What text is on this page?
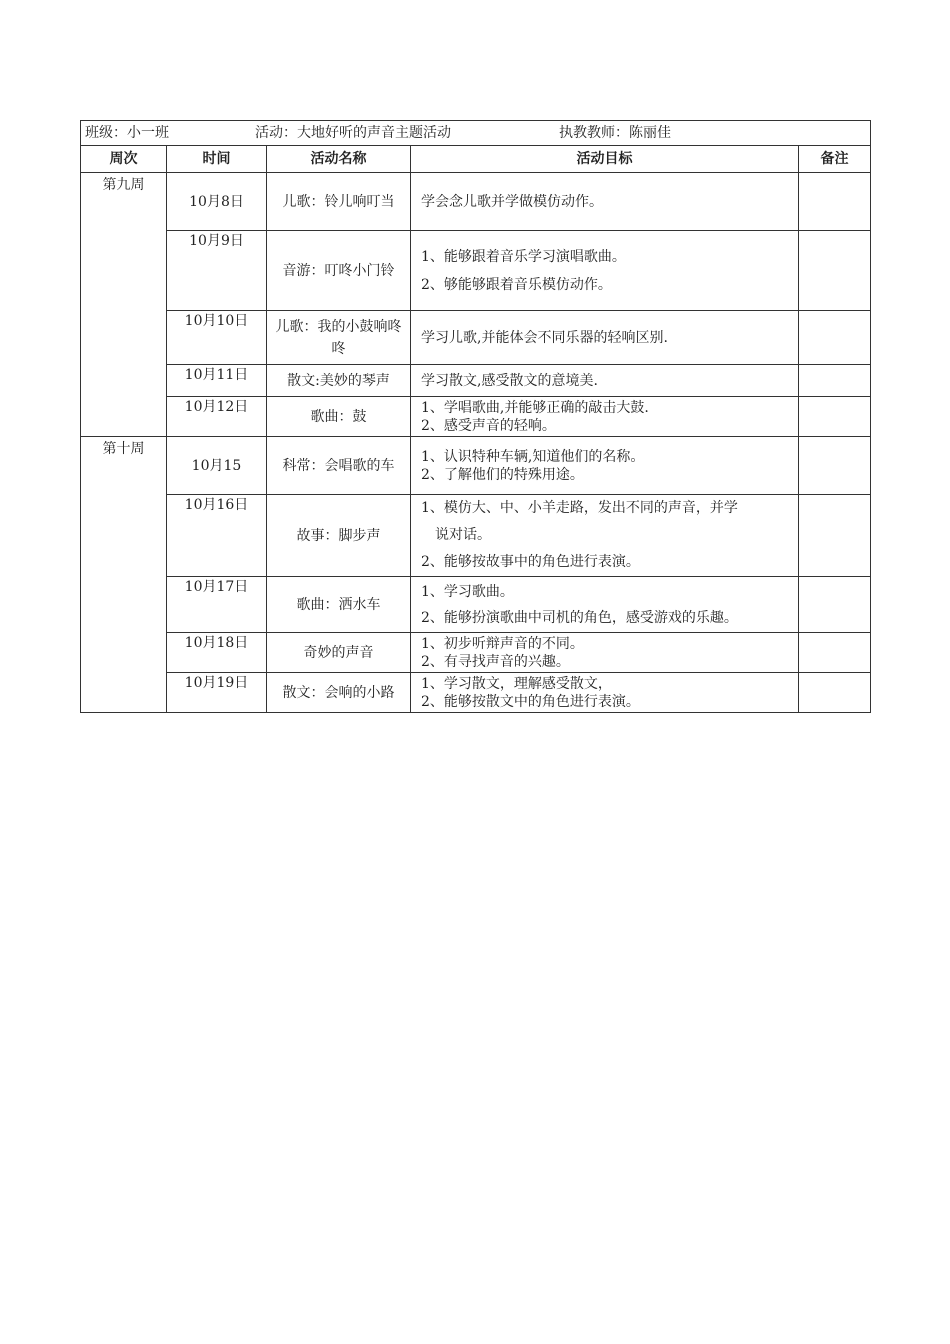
班级：小一班 活动：大地好听的声音主题活动 执教教师：陈丽佳				
周次	时间	活动名称	活动目标	备注
第九周	10月8日	儿歌：铃儿响叮当	学会念儿歌并学做模仿动作。	

	10月9日	音游：叮咚小门铃	1、能够跟着音乐学习演唱歌曲。
2、够能够跟着音乐模仿动作。	

	10月10日	儿歌：我的小鼓响咚咚	学习儿歌,并能体会不同乐器的轻响区别.	

	10月11日	散文:美妙的琴声	学习散文,感受散文的意境美.	

	10月12日	歌曲：鼓	1、学唱歌曲,并能够正确的敲击大鼓.
2、感受声音的轻响。	

第十周	10月15	科常：会唱歌的车	1、认识特种车辆,知道他们的名称。
2、了解他们的特殊用途。	

	10月16日	故事：脚步声	1、模仿大、中、小羊走路，发出不同的声音，并学
说对话。
2、能够按故事中的角色进行表演。	

	10月17日	歌曲：洒水车	1、学习歌曲。
2、能够扮演歌曲中司机的角色，感受游戏的乐趣。	

	10月18日	奇妙的声音	1、初步听辩声音的不同。
2、有寻找声音的兴趣。	

	10月19日	散文：会响的小路	1、学习散文，理解感受散文，
2、能够按散文中的角色进行表演。	
